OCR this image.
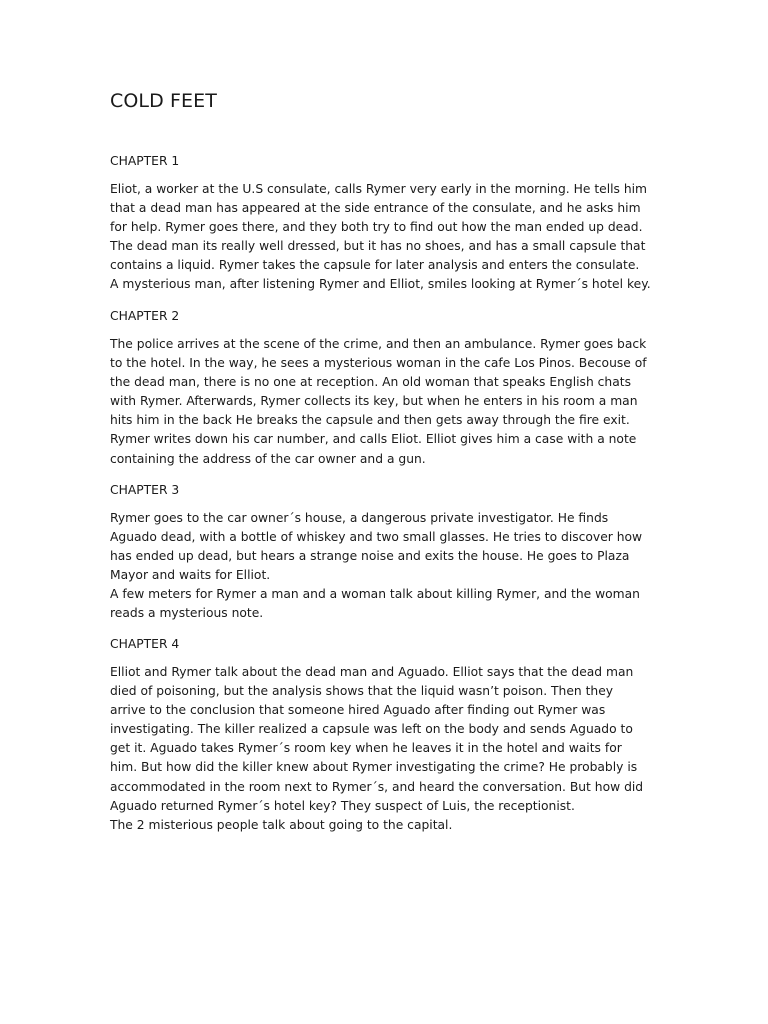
COLD FEET
CHAPTER 1

Eliot, a worker at the U.S consulate, calls Rymer very early in the morning. He tells him
that a dead man has appeared at the side entrance of the consulate, and he asks him
for help. Rymer goes there, and they both try to find out how the man ended up dead.
The dead man its really well dressed, but it has no shoes, and has a small capsule that
contains a liquid. Rymer takes the capsule for later analysis and enters the consulate.
A mysterious man, after listening Rymer and Elliot, smiles looking at Rymer´s hotel key.

CHAPTER 2

The police arrives at the scene of the crime, and then an ambulance. Rymer goes back
to the hotel. In the way, he sees a mysterious woman in the cafe Los Pinos. Becouse of
the dead man, there is no one at reception. An old woman that speaks English chats
with Rymer. Afterwards, Rymer collects its key, but when he enters in his room a man
hits him in the back He breaks the capsule and then gets away through the fire exit.
Rymer writes down his car number, and calls Eliot. Elliot gives him a case with a note
containing the address of the car owner and a gun.

CHAPTER 3

Rymer goes to the car owner´s house, a dangerous private investigator. He finds
Aguado dead, with a bottle of whiskey and two small glasses. He tries to discover how
has ended up dead, but hears a strange noise and exits the house. He goes to Plaza
Mayor and waits for Elliot.
A few meters for Rymer a man and a woman talk about killing Rymer, and the woman
reads a mysterious note.

CHAPTER 4

Elliot and Rymer talk about the dead man and Aguado. Elliot says that the dead man
died of poisoning, but the analysis shows that the liquid wasn’t poison. Then they
arrive to the conclusion that someone hired Aguado after finding out Rymer was
investigating. The killer realized a capsule was left on the body and sends Aguado to
get it. Aguado takes Rymer´s room key when he leaves it in the hotel and waits for
him. But how did the killer knew about Rymer investigating the crime? He probably is
accommodated in the room next to Rymer´s, and heard the conversation. But how did
Aguado returned Rymer´s hotel key? They suspect of Luis, the receptionist.
The 2 misterious people talk about going to the capital.
